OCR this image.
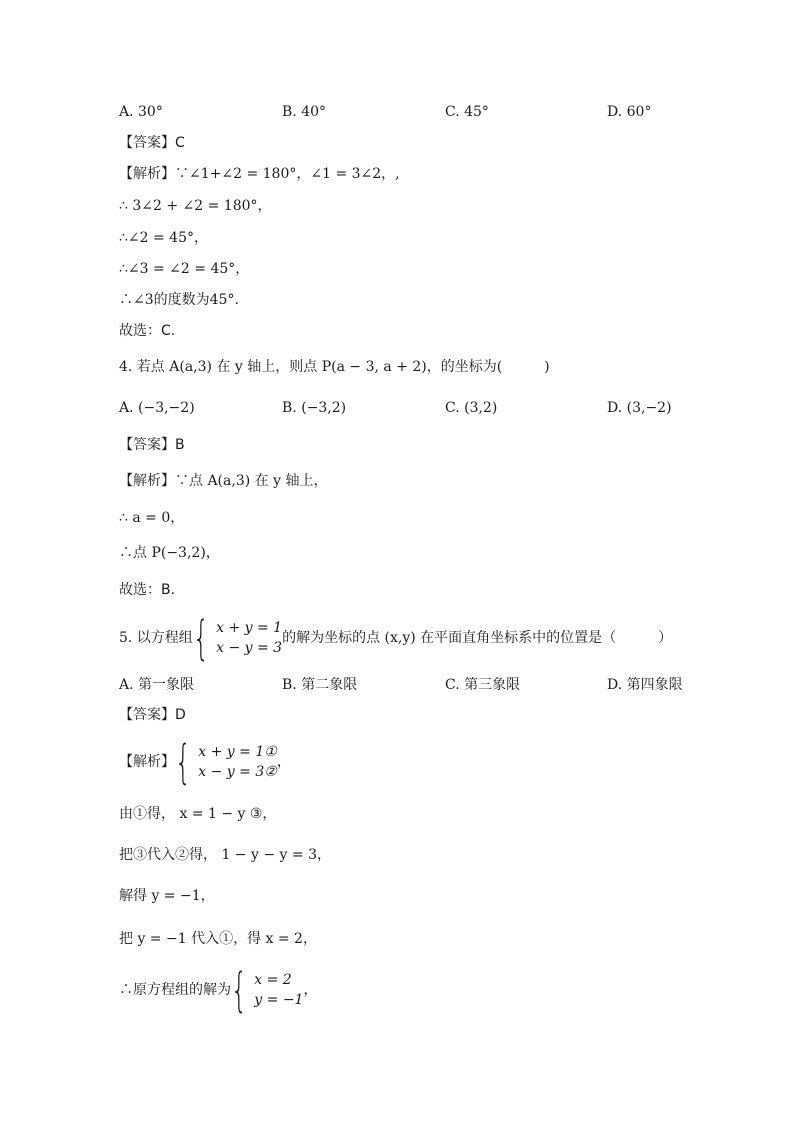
A. 30°	B. 40°	C. 45°	D. 60°
【答案】C
【解析】∵∠1+∠2 = 180°，∠1 = 3∠2，,
∴ 3∠2 + ∠2 = 180°，
∴∠2 = 45°，
∴∠3 = ∠2 = 45°，
∴∠3的度数为45°.
故选：C.
4. 若点 A(a,3) 在 y 轴上，则点 P(a − 3, a + 2)，的坐标为(　　　)
A. (−3,−2)	B. (−3,2)	C. (3,2)	D. (3,−2)
【答案】B
【解析】∵点 A(a,3) 在 y 轴上，
∴ a = 0，
∴点 P(−3,2)，
故选：B.
5. 以方程组 { x + y = 1
x − y = 3
的解为坐标的点 (x,y) 在平面直角坐标系中的位置是（　　　）
A. 第一象限	B. 第二象限	C. 第三象限	D. 第四象限
【答案】D
【解析】 { x + y = 1①
x − y = 3②
，
由①得， x = 1 − y ③，
把③代入②得， 1 − y − y = 3，
解得 y = −1，
把 y = −1 代入①，得 x = 2，
∴原方程组的解为 { x = 2
y = −1
，
